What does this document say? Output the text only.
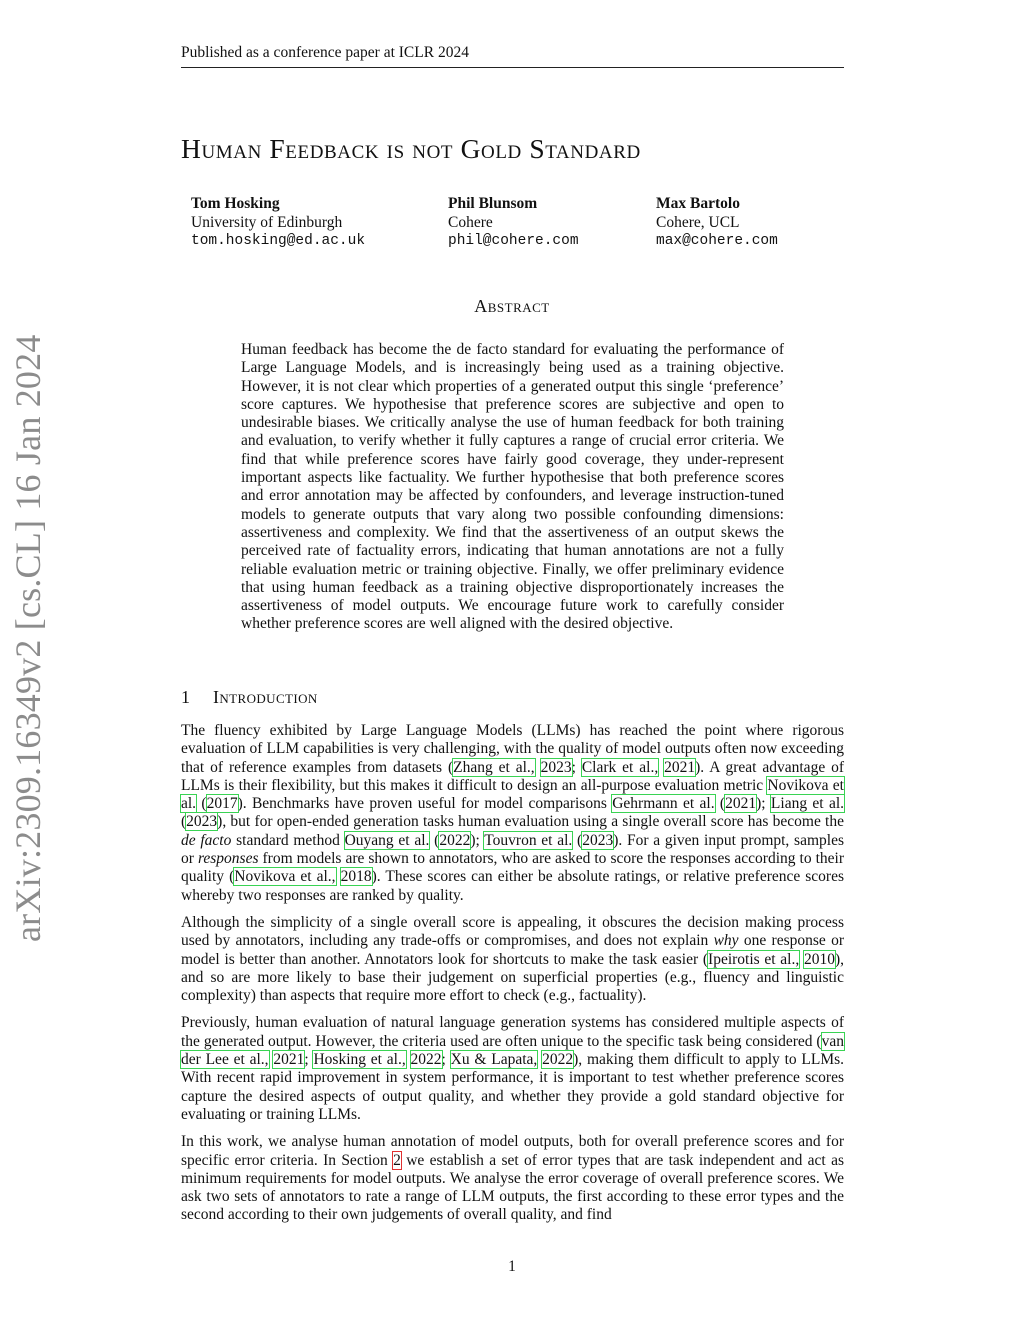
Published as a conference paper at ICLR 2024
arXiv:2309.16349v2 [cs.CL] 16 Jan 2024
Human Feedback is not Gold Standard
Tom Hosking
University of Edinburgh
tom.hosking@ed.ac.uk
Phil Blunsom
Cohere
phil@cohere.com
Max Bartolo
Cohere, UCL
max@cohere.com
Abstract
Human feedback has become the de facto standard for evaluating the performance of Large Language Models, and is increasingly being used as a training objective. However, it is not clear which properties of a generated output this single ‘preference’ score captures. We hypothesise that preference scores are subjective and open to undesirable biases. We critically analyse the use of human feedback for both training and evaluation, to verify whether it fully captures a range of crucial error criteria. We find that while preference scores have fairly good coverage, they under-represent important aspects like factuality. We further hypothesise that both preference scores and error annotation may be affected by confounders, and leverage instruction-tuned models to generate outputs that vary along two possible confounding dimensions: assertiveness and complexity. We find that the assertiveness of an output skews the perceived rate of factuality errors, indicating that human annotations are not a fully reliable evaluation metric or training objective. Finally, we offer preliminary evidence that using human feedback as a training objective disproportionately increases the assertiveness of model outputs. We encourage future work to carefully consider whether preference scores are well aligned with the desired objective.
1 Introduction

The fluency exhibited by Large Language Models (LLMs) has reached the point where rigorous evaluation of LLM capabilities is very challenging, with the quality of model outputs often now exceeding that of reference examples from datasets (Zhang et al., 2023; Clark et al., 2021). A great advantage of LLMs is their flexibility, but this makes it difficult to design an all-purpose evaluation metric Novikova et al. (2017). Benchmarks have proven useful for model comparisons Gehrmann et al. (2021); Liang et al. (2023), but for open-ended generation tasks human evaluation using a single overall score has become the de facto standard method Ouyang et al. (2022); Touvron et al. (2023). For a given input prompt, samples or responses from models are shown to annotators, who are asked to score the responses according to their quality (Novikova et al., 2018). These scores can either be absolute ratings, or relative preference scores whereby two responses are ranked by quality.

Although the simplicity of a single overall score is appealing, it obscures the decision making process used by annotators, including any trade-offs or compromises, and does not explain why one response or model is better than another. Annotators look for shortcuts to make the task easier (Ipeirotis et al., 2010), and so are more likely to base their judgement on superficial properties (e.g., fluency and linguistic complexity) than aspects that require more effort to check (e.g., factuality).

Previously, human evaluation of natural language generation systems has considered multiple aspects of the generated output. However, the criteria used are often unique to the specific task being considered (van der Lee et al., 2021; Hosking et al., 2022; Xu & Lapata, 2022), making them difficult to apply to LLMs. With recent rapid improvement in system performance, it is important to test whether preference scores capture the desired aspects of output quality, and whether they provide a gold standard objective for evaluating or training LLMs.

In this work, we analyse human annotation of model outputs, both for overall preference scores and for specific error criteria. In Section 2 we establish a set of error types that are task independent and act as minimum requirements for model outputs. We analyse the error coverage of overall preference scores. We ask two sets of annotators to rate a range of LLM outputs, the first according to these error types and the second according to their own judgements of overall quality, and find

1
